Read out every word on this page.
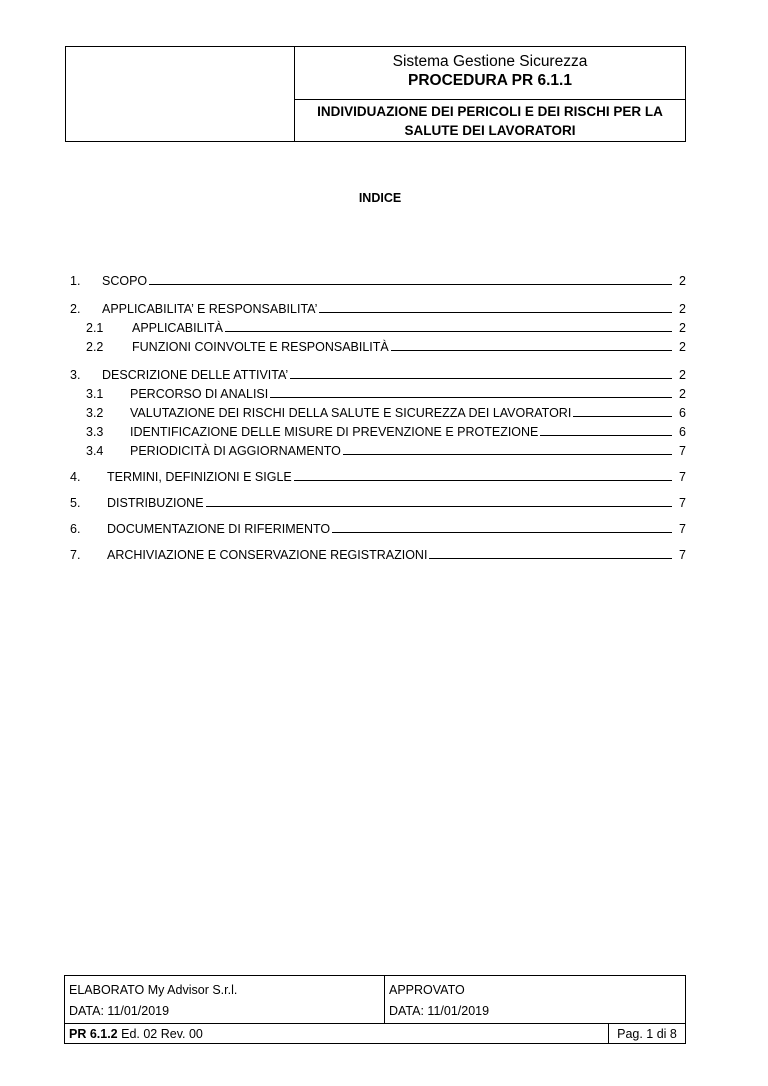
Sistema Gestione Sicurezza
PROCEDURA PR 6.1.1
INDIVIDUAZIONE DEI PERICOLI E DEI RISCHI PER LA
SALUTE DEI LAVORATORI
INDICE
1.	SCOPO	2
2.	APPLICABILITA’ E RESPONSABILITA’	2
2.1	APPLICABILITÀ	2
2.2	FUNZIONI COINVOLTE E RESPONSABILITÀ	2
3.	DESCRIZIONE DELLE ATTIVITA’	2
3.1	PERCORSO DI ANALISI	2
3.2	VALUTAZIONE DEI RISCHI DELLA SALUTE E SICUREZZA DEI LAVORATORI	6
3.3	IDENTIFICAZIONE DELLE MISURE DI PREVENZIONE E PROTEZIONE	6
3.4	PERIODICITÀ DI AGGIORNAMENTO	7
4.	TERMINI, DEFINIZIONI E SIGLE	7
5.	DISTRIBUZIONE	7
6.	DOCUMENTAZIONE DI RIFERIMENTO	7
7.	ARCHIVIAZIONE E CONSERVAZIONE REGISTRAZIONI	7
ELABORATO My Advisor S.r.l.
DATA: 11/01/2019
APPROVATO
DATA: 11/01/2019
PR 6.1.2 Ed. 02 Rev. 00	Pag. 1 di 8
